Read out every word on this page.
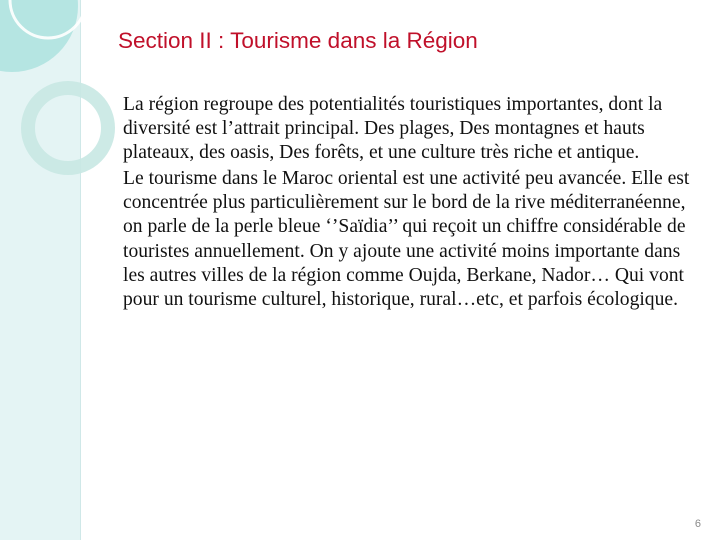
Section II : Tourisme dans la Région

La région regroupe des potentialités touristiques importantes, dont la diversité est l’attrait principal. Des plages, Des montagnes et hauts plateaux, des oasis, Des forêts, et une culture très riche et antique.

Le tourisme dans le Maroc oriental est une activité peu avancée. Elle est concentrée plus particulièrement sur le bord de la rive méditerranéenne, on parle de la perle bleue ‘’Saïdia’’ qui reçoit un chiffre considérable de touristes annuellement. On y ajoute une activité moins importante dans les autres villes de la région comme Oujda, Berkane, Nador… Qui vont pour un tourisme culturel, historique, rural…etc, et parfois écologique.

6
